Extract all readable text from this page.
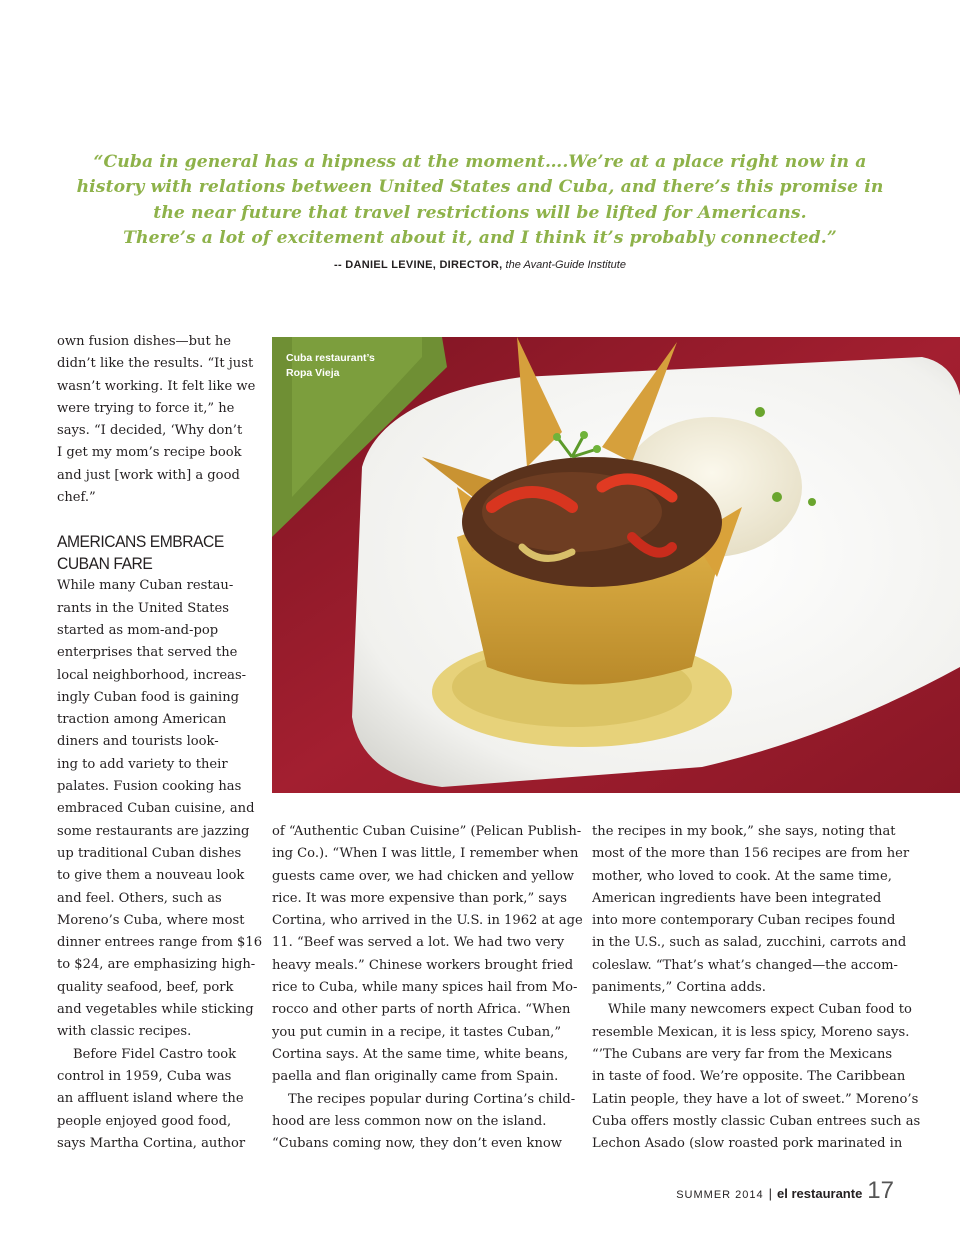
“Cuba in general has a hipness at the moment….We’re at a place right now in a
history with relations between United States and Cuba, and there’s this promise in
the near future that travel restrictions will be lifted for Americans.
There’s a lot of excitement about it, and I think it’s probably connected.”
-- DANIEL LEVINE, DIRECTOR, the Avant-Guide Institute
own fusion dishes—but he
didn’t like the results. “It just
wasn’t working. It felt like we
were trying to force it,” he
says. “I decided, ‘Why don’t
I get my mom’s recipe book
and just [work with] a good
chef.”
AMERICANS EMBRACE
CUBAN FARE
While many Cuban restau-
rants in the United States
started as mom-and-pop
enterprises that served the
local neighborhood, increas-
ingly Cuban food is gaining
traction among American
diners and tourists look-
ing to add variety to their
palates. Fusion cooking has
embraced Cuban cuisine, and
some restaurants are jazzing
up traditional Cuban dishes
to give them a nouveau look
and feel. Others, such as
Moreno’s Cuba, where most
dinner entrees range from $16
to $24, are emphasizing high-
quality seafood, beef, pork
and vegetables while sticking
with classic recipes.
Before Fidel Castro took
control in 1959, Cuba was
an affluent island where the
people enjoyed good food,
says Martha Cortina, author
Cuba restaurant’s
Ropa Vieja
of “Authentic Cuban Cuisine” (Pelican Publish-
ing Co.). “When I was little, I remember when
guests came over, we had chicken and yellow
rice. It was more expensive than pork,” says
Cortina, who arrived in the U.S. in 1962 at age
11. “Beef was served a lot. We had two very
heavy meals.” Chinese workers brought fried
rice to Cuba, while many spices hail from Mo-
rocco and other parts of north Africa. “When
you put cumin in a recipe, it tastes Cuban,”
Cortina says. At the same time, white beans,
paella and flan originally came from Spain.
The recipes popular during Cortina’s child-
hood are less common now on the island.
“Cubans coming now, they don’t even know
the recipes in my book,” she says, noting that
most of the more than 156 recipes are from her
mother, who loved to cook. At the same time,
American ingredients have been integrated
into more contemporary Cuban recipes found
in the U.S., such as salad, zucchini, carrots and
coleslaw. “That’s what’s changed—the accom-
paniments,” Cortina adds.
While many newcomers expect Cuban food to
resemble Mexican, it is less spicy, Moreno says.
“’The Cubans are very far from the Mexicans
in taste of food. We’re opposite. The Caribbean
Latin people, they have a lot of sweet.” Moreno’s
Cuba offers mostly classic Cuban entrees such as
Lechon Asado (slow roasted pork marinated in
SUMMER 2014 | el restaurante 17
